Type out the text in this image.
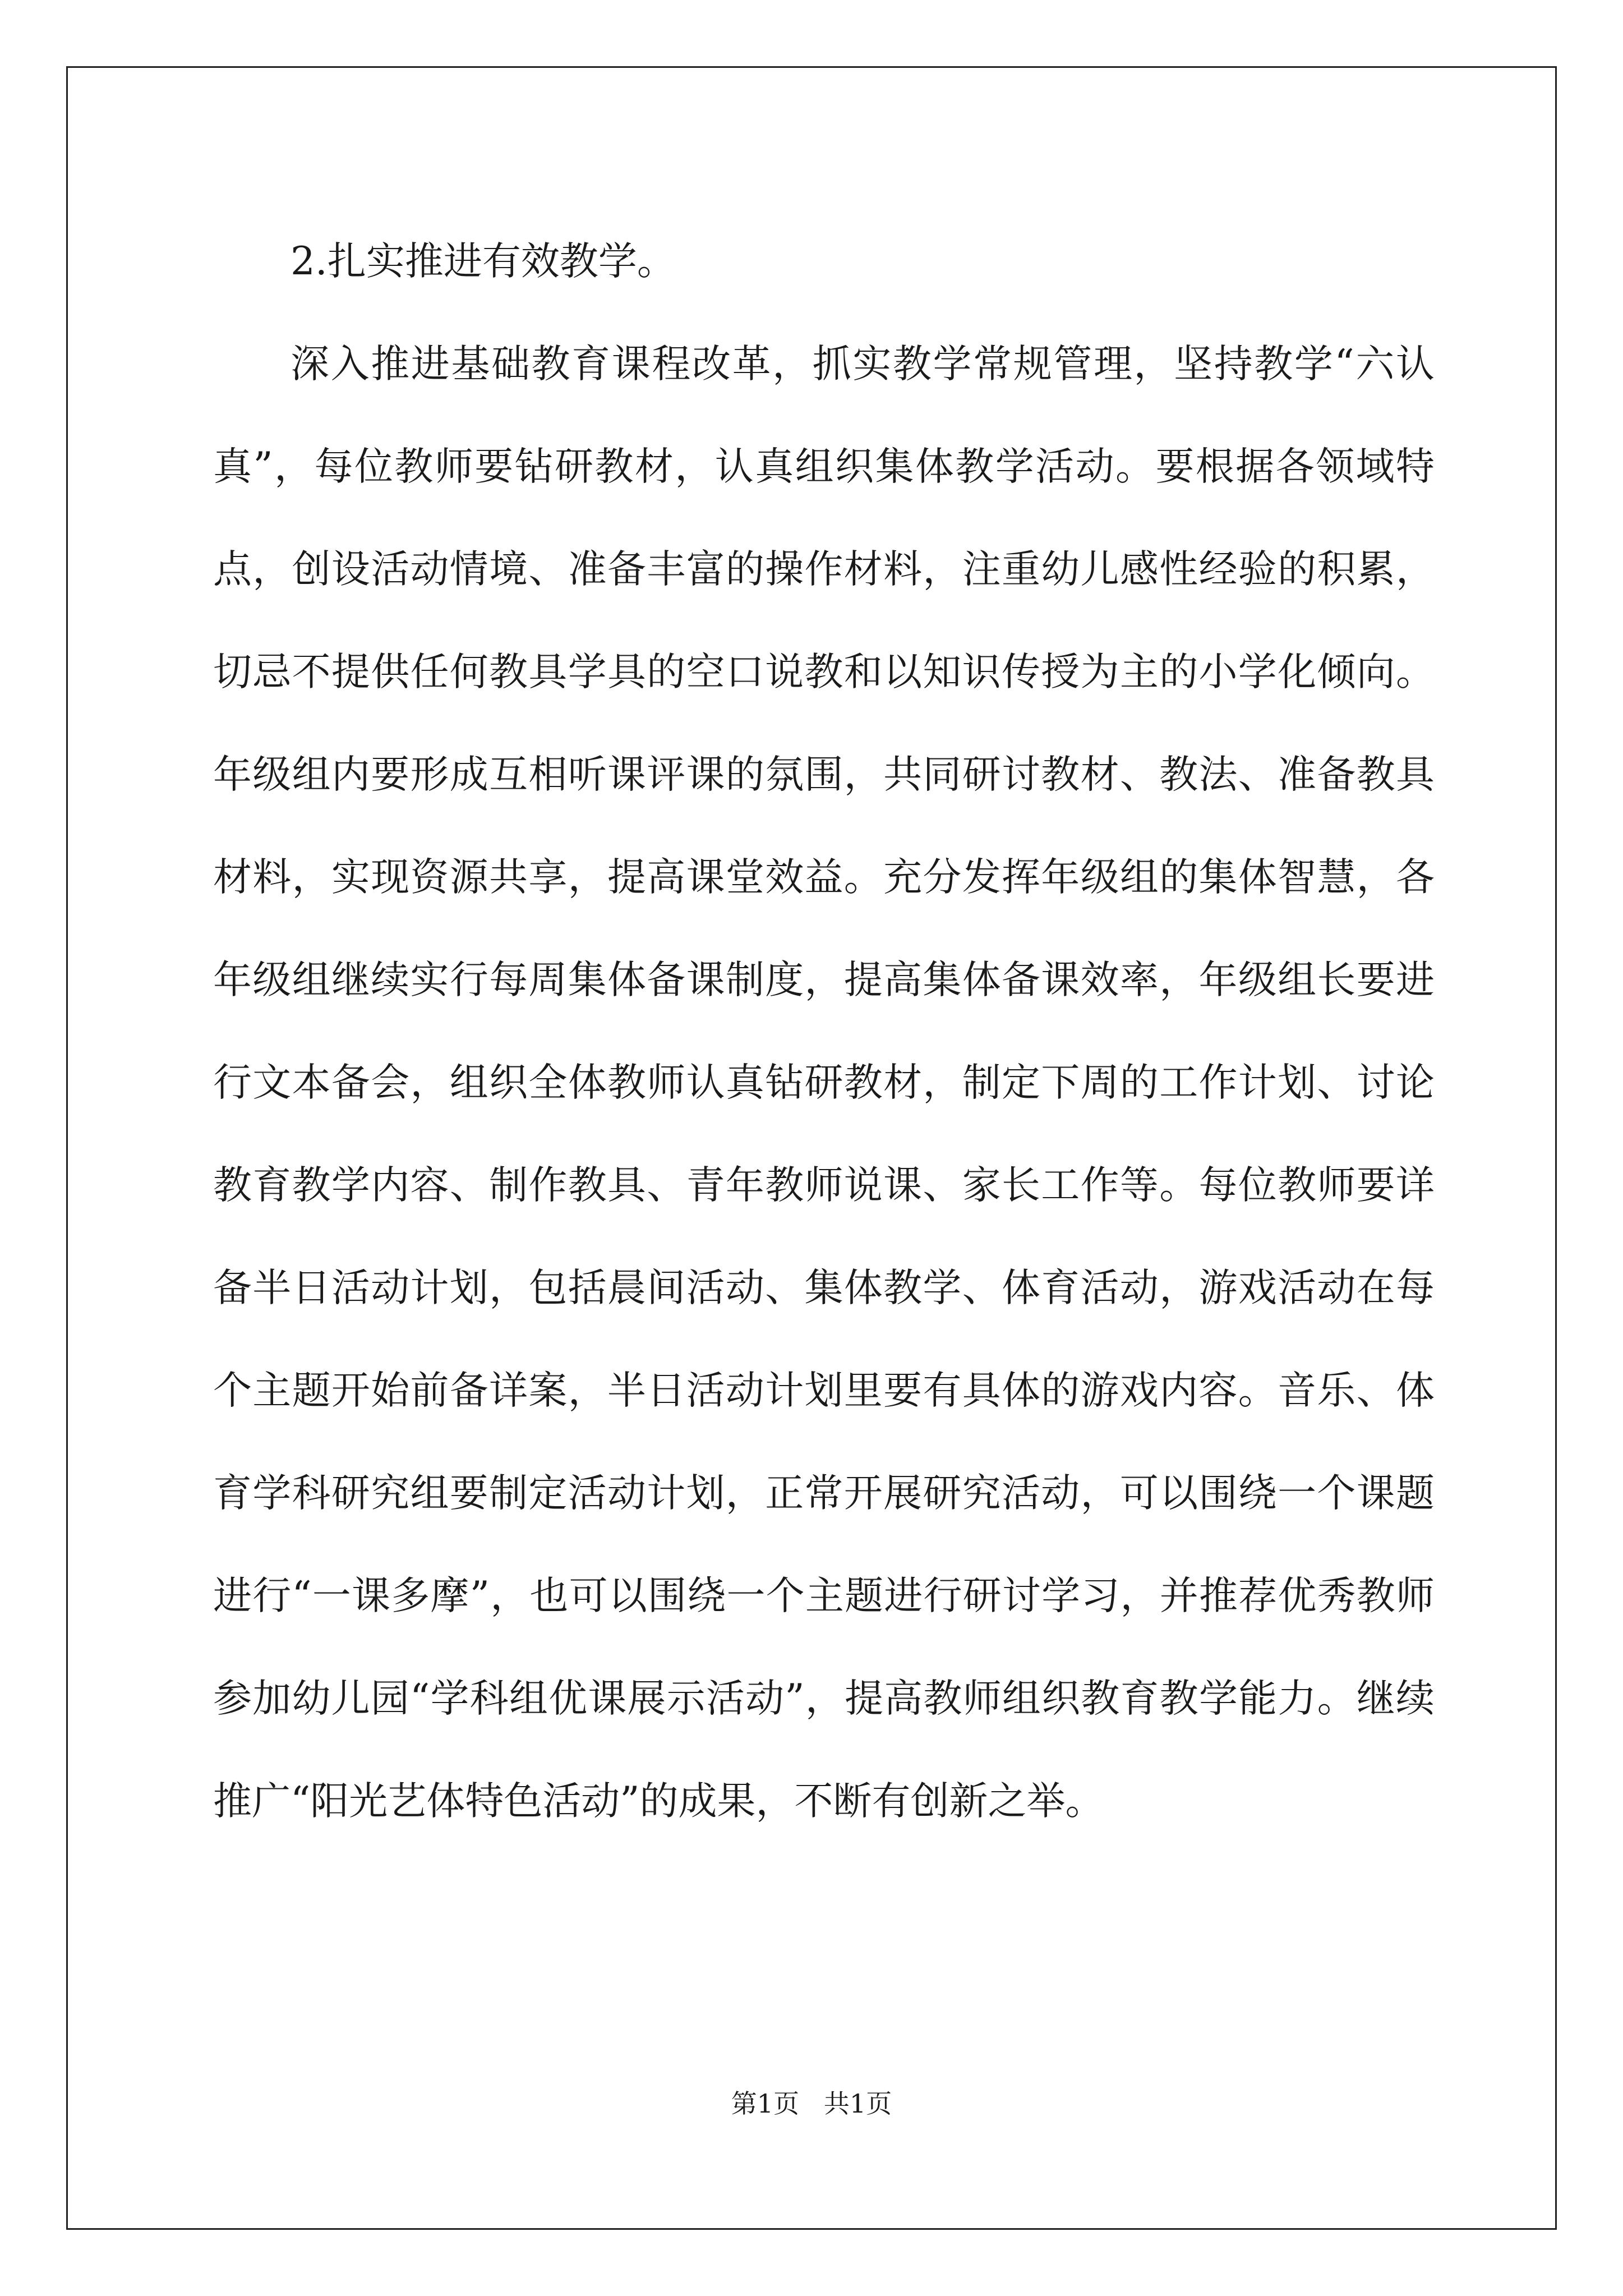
2.扎实推进有效教学。

深入推进基础教育课程改革，抓实教学常规管理，坚持教学“六认真”，每位教师要钻研教材，认真组织集体教学活动。要根据各领域特点，创设活动情境、准备丰富的操作材料，注重幼儿感性经验的积累，切忌不提供任何教具学具的空口说教和以知识传授为主的小学化倾向。年级组内要形成互相听课评课的氛围，共同研讨教材、教法、准备教具材料，实现资源共享，提高课堂效益。充分发挥年级组的集体智慧，各年级组继续实行每周集体备课制度，提高集体备课效率，年级组长要进行文本备会，组织全体教师认真钻研教材，制定下周的工作计划、讨论教育教学内容、制作教具、青年教师说课、家长工作等。每位教师要详备半日活动计划，包括晨间活动、集体教学、体育活动，游戏活动在每个主题开始前备详案，半日活动计划里要有具体的游戏内容。音乐、体育学科研究组要制定活动计划，正常开展研究活动，可以围绕一个课题进行“一课多摩”，也可以围绕一个主题进行研讨学习，并推荐优秀教师参加幼儿园“学科组优课展示活动”，提高教师组织教育教学能力。继续推广“阳光艺体特色活动”的成果，不断有创新之举。

第1页   共1页
